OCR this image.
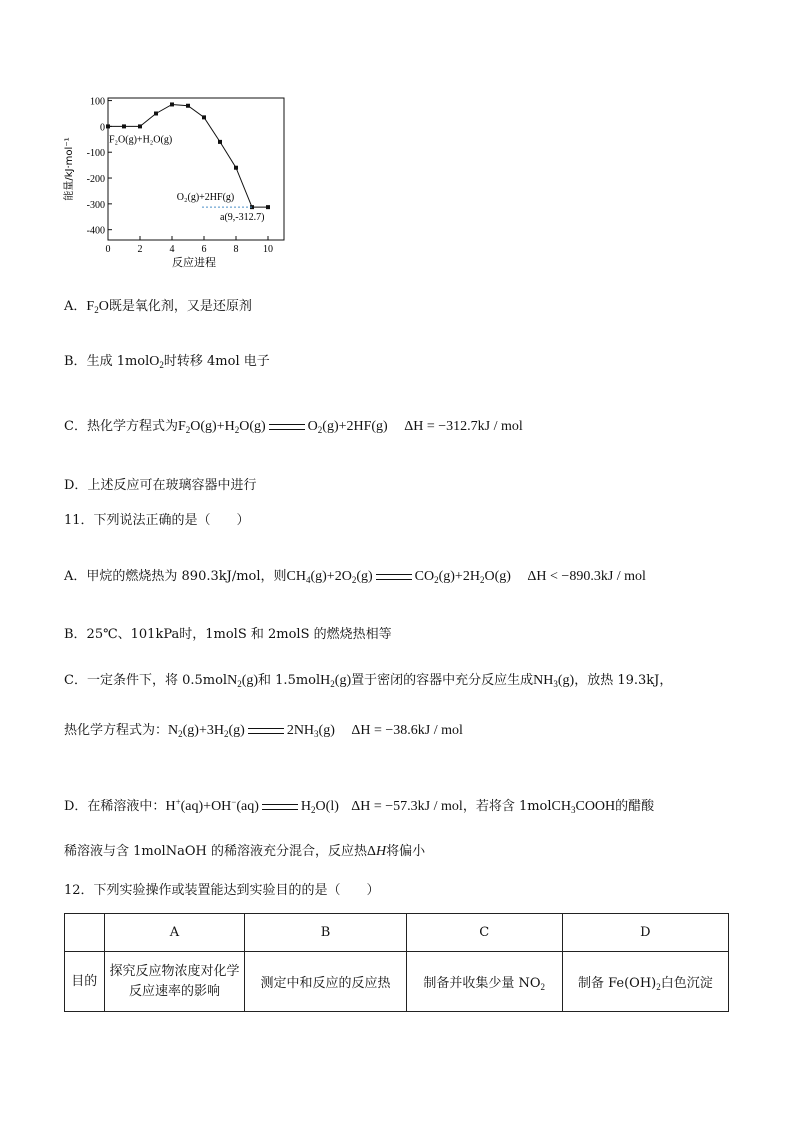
100
0
-100
-200
-300
-400
0	2	4	6	8 10
F₂O(g)+H₂O(g)
O₂(g)+2HF(g)
a(9,-312.7)
反应进程
能量/kJ·mol⁻¹
A．$F_2O$既是氧化剂，又是还原剂
B．生成 1molO$_2$时转移 4mol 电子
C．热化学方程式为$F_2O(g)+H_2O(g)$	$O_2(g)+2HF(g) \Delta H = -312.7kJ$ / mol
D．上述反应可在玻璃容器中进行
11．下列说法正确的是（　　）
A．甲烷的燃烧热为 890.3kJ/mol，则$CH_4(g)+2O_2(g)$	$CO_2(g)+2H_2O(g) \Delta H < -890.3kJ$ / mol
B．25℃、101kPa时，1molS 和 2molS 的燃烧热相等
C．一定条件下，将 0.5molN$_2$(g)和 1.5molH$_2$(g)置于密闭的容器中充分反应生成$NH_3(g)$，放热 19.3kJ，
热化学方程式为：$N_2(g)+3H_2(g)$	$2NH_3(g) \Delta H = -38.6kJ$ / mol
D．在稀溶液中：H+(aq)+OH−(aq)	$H_2O(l) \Delta H = -57.3kJ$ / mol，若将含 1molCH$_3$COOH的醋酸
稀溶液与含 1molNaOH 的稀溶液充分混合，反应热ΔH将偏小
12．下列实验操作或装置能达到实验目的的是（　　）
	A	B	C	D
目的	探究反应物浓度对化学反应速率的影响	测定中和反应的反应热	制备并收集少量 $NO_2$	制备 $Fe(OH)_2$白色沉淀
